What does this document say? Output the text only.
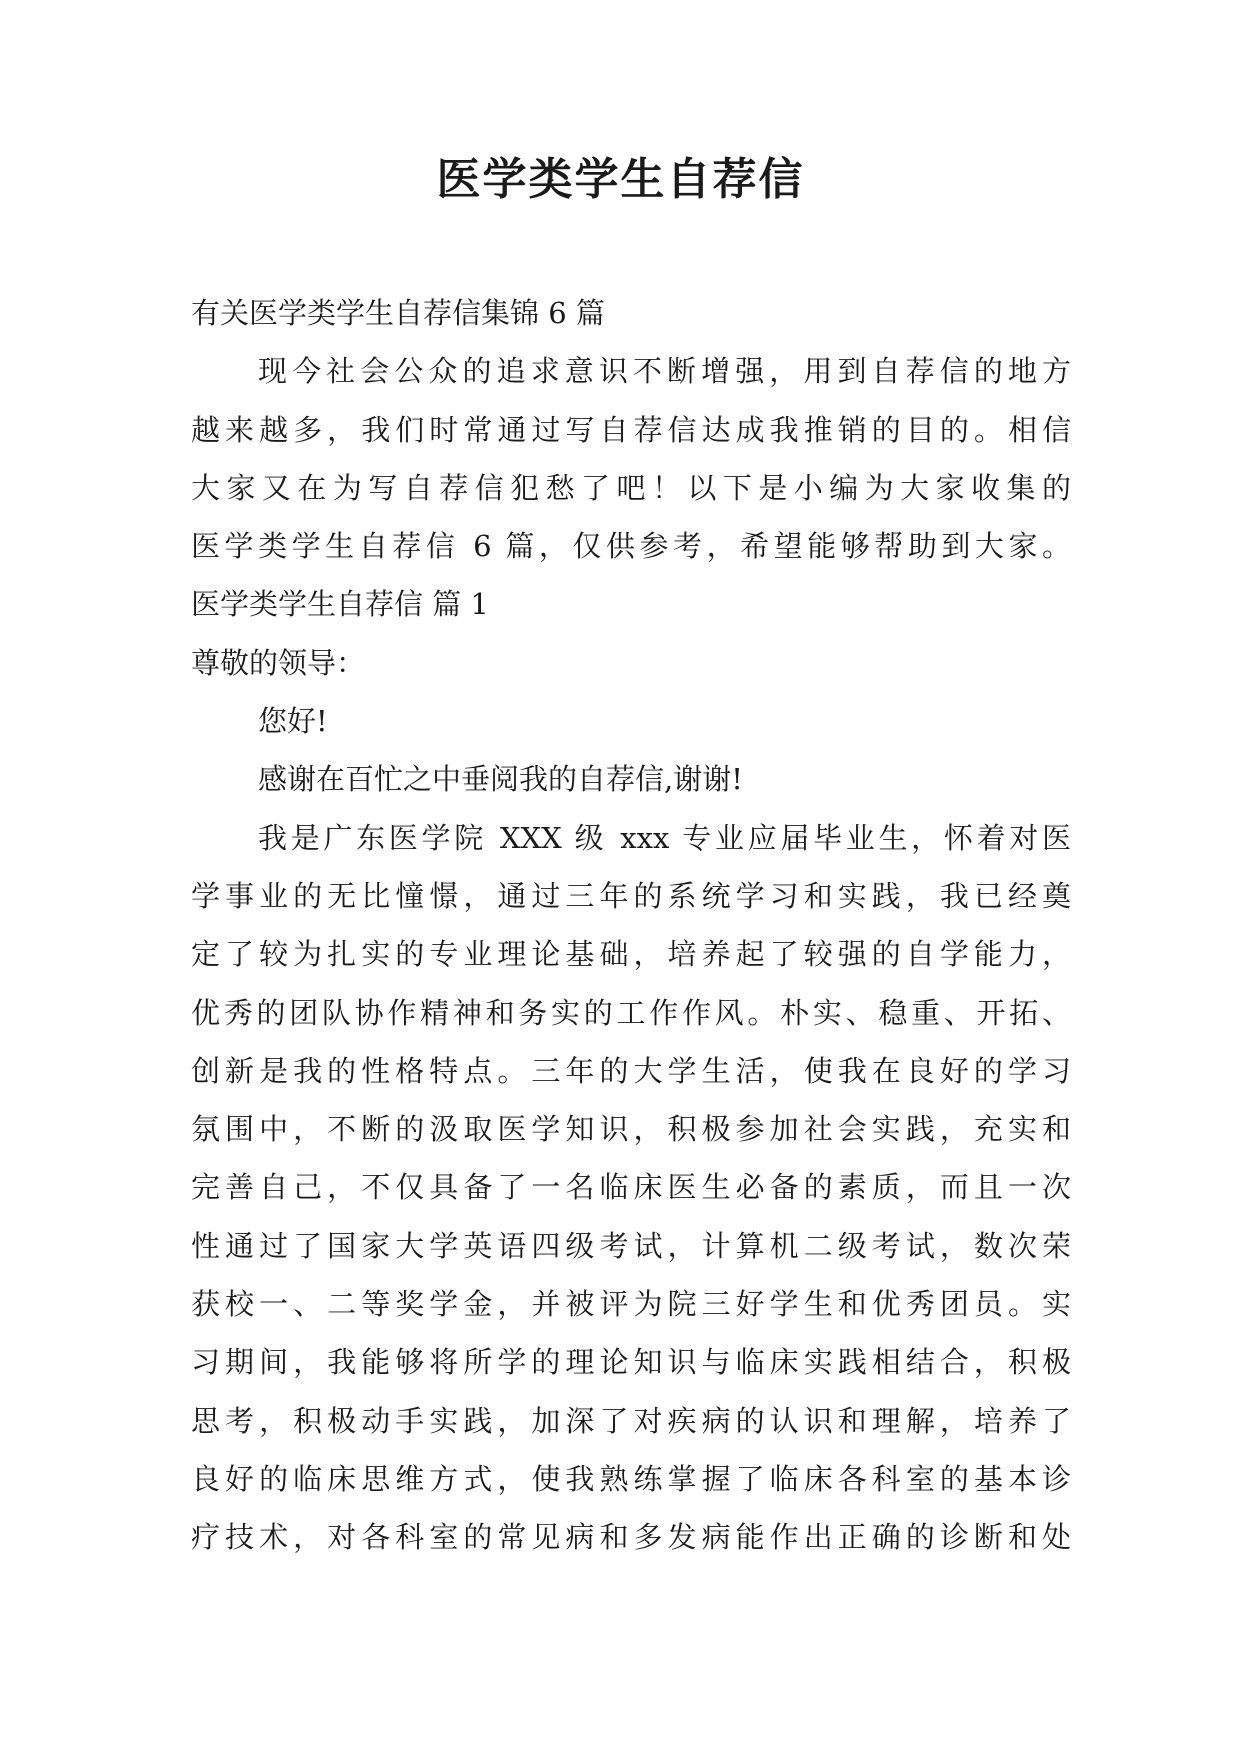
医学类学生自荐信
有关医学类学生自荐信集锦 6 篇
现今社会公众的追求意识不断增强，用到自荐信的地方
越来越多，我们时常通过写自荐信达成我推销的目的。相信
大家又在为写自荐信犯愁了吧！以下是小编为大家收集的
医学类学生自荐信 6 篇，仅供参考，希望能够帮助到大家。
医学类学生自荐信 篇 1
尊敬的领导：
您好!
感谢在百忙之中垂阅我的自荐信,谢谢!
我是广东医学院 XXX 级 xxx 专业应届毕业生，怀着对医
学事业的无比憧憬，通过三年的系统学习和实践，我已经奠
定了较为扎实的专业理论基础，培养起了较强的自学能力，
优秀的团队协作精神和务实的工作作风。朴实、稳重、开拓、
创新是我的性格特点。三年的大学生活，使我在良好的学习
氛围中，不断的汲取医学知识，积极参加社会实践，充实和
完善自己，不仅具备了一名临床医生必备的素质，而且一次
性通过了国家大学英语四级考试，计算机二级考试，数次荣
获校一、二等奖学金，并被评为院三好学生和优秀团员。实
习期间，我能够将所学的理论知识与临床实践相结合，积极
思考，积极动手实践，加深了对疾病的认识和理解，培养了
良好的临床思维方式，使我熟练掌握了临床各科室的基本诊
疗技术，对各科室的常见病和多发病能作出正确的诊断和处
